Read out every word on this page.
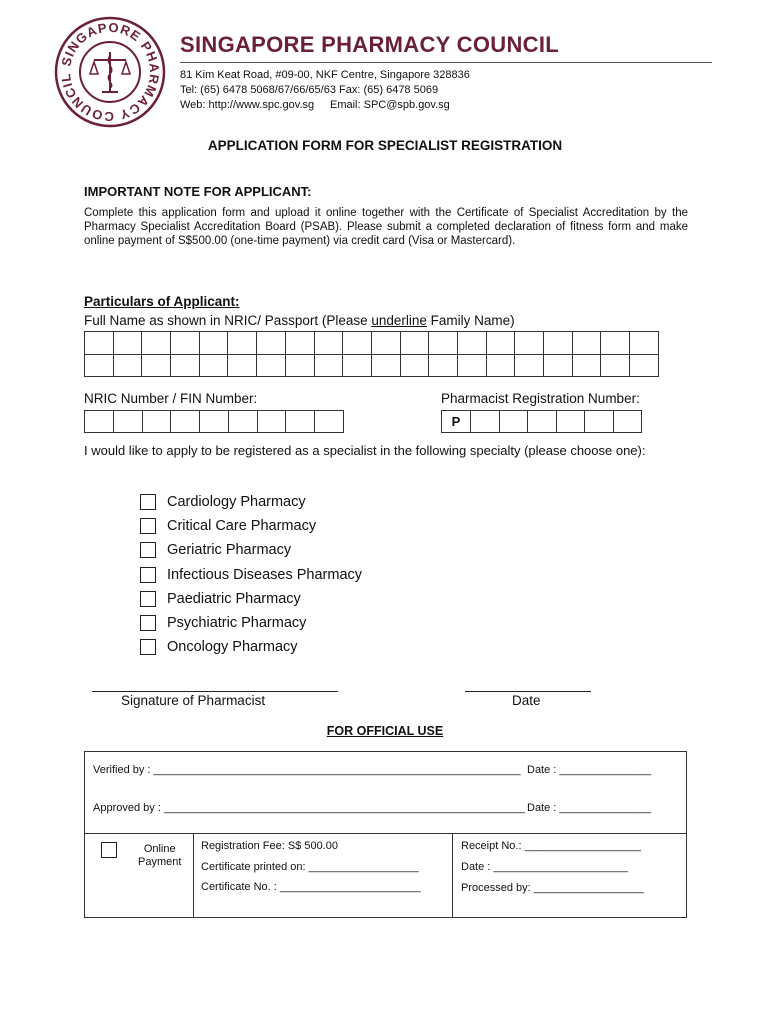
SINGAPORE PHARMACY COUNCIL
SINGAPORE PHARMACY COUNCIL
81 Kim Keat Road, #09-00, NKF Centre, Singapore 328836
Tel: (65) 6478 5068/67/66/65/63 Fax: (65) 6478 5069
Web: http://www.spc.gov.sg Email: SPC@spb.gov.sg
APPLICATION FORM FOR SPECIALIST REGISTRATION
IMPORTANT NOTE FOR APPLICANT:
Complete this application form and upload it online together with the Certificate of Specialist Accreditation by the Pharmacy Specialist Accreditation Board (PSAB). Please submit a completed declaration of fitness form and make online payment of S$500.00 (one-time payment) via credit card (Visa or Mastercard).
Particulars of Applicant:
Full Name as shown in NRIC/ Passport (Please underline Family Name)

NRIC Number / FIN Number:	Pharmacist Registration Number:

P						
I would like to apply to be registered as a specialist in the following specialty (please choose one):
Cardiology Pharmacy
Critical Care Pharmacy
Geriatric Pharmacy
Infectious Diseases Pharmacy
Paediatric Pharmacy
Psychiatric Pharmacy
Oncology Pharmacy
Signature of Pharmacist	Date
FOR OFFICIAL USE
Verified by : ____________________________________________________________ Date : _______________
Approved by : ___________________________________________________________ Date : _______________
Online
Payment
Registration Fee: S$ 500.00
Certificate printed on: __________________
Certificate No. : _______________________
Receipt No.: ___________________
Date : ______________________
Processed by: __________________
